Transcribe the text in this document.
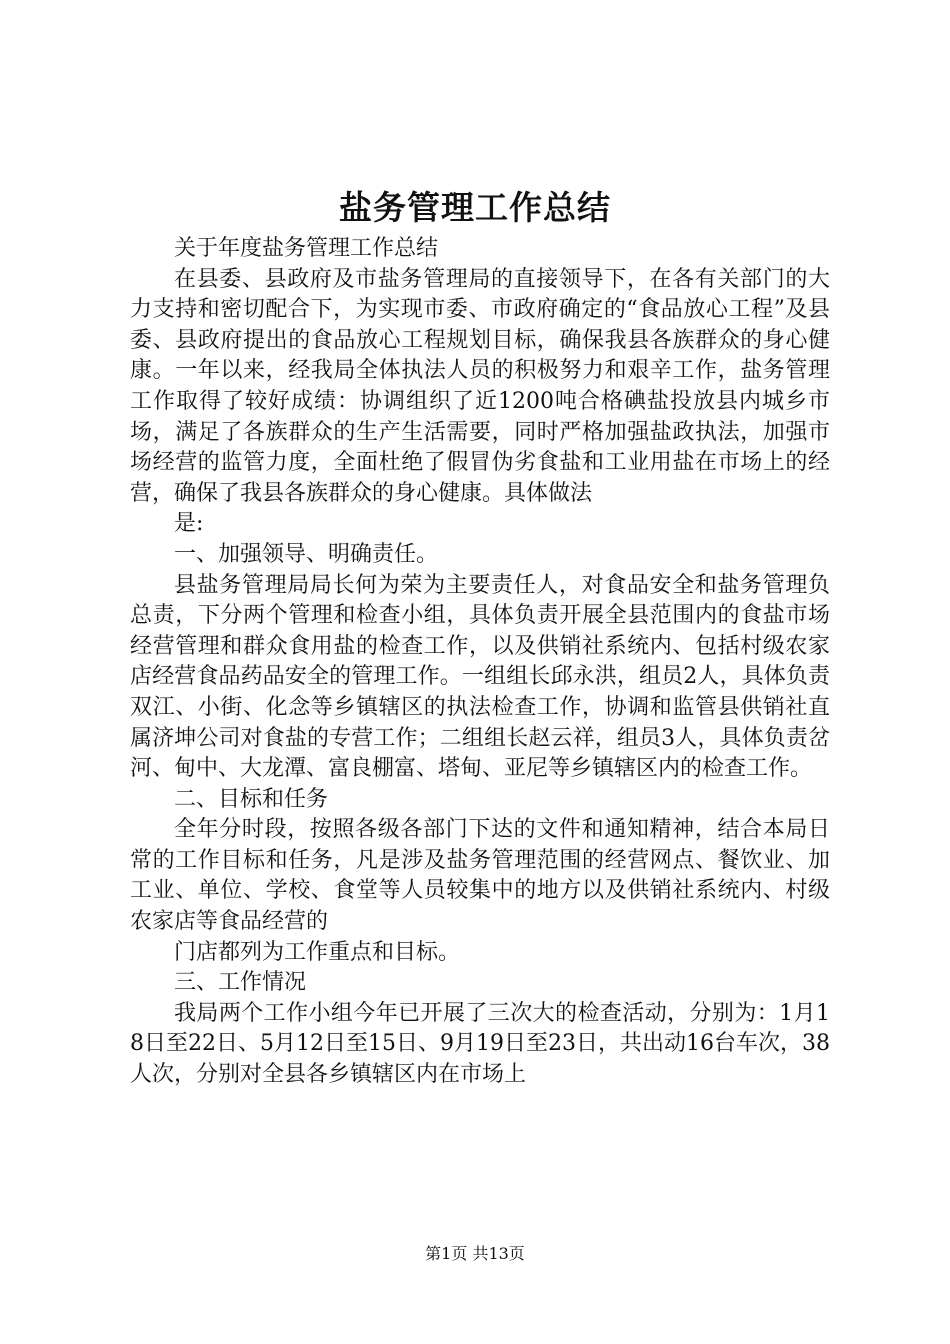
盐务管理工作总结

关于年度盐务管理工作总结

在县委、县政府及市盐务管理局的直接领导下，在各有关部门的大力支持和密切配合下，为实现市委、市政府确定的“食品放心工程”及县委、县政府提出的食品放心工程规划目标，确保我县各族群众的身心健康。一年以来，经我局全体执法人员的积极努力和艰辛工作，盐务管理工作取得了较好成绩：协调组织了近1200吨合格碘盐投放县内城乡市场，满足了各族群众的生产生活需要，同时严格加强盐政执法，加强市场经营的监管力度，全面杜绝了假冒伪劣食盐和工业用盐在市场上的经营，确保了我县各族群众的身心健康。具体做法

是:

一、加强领导、明确责任。

县盐务管理局局长何为荣为主要责任人，对食品安全和盐务管理负总责，下分两个管理和检查小组，具体负责开展全县范围内的食盐市场经营管理和群众食用盐的检查工作，以及供销社系统内、包括村级农家店经营食品药品安全的管理工作。一组组长邱永洪，组员2人，具体负责双江、小街、化念等乡镇辖区的执法检查工作，协调和监管县供销社直属济坤公司对食盐的专营工作；二组组长赵云祥，组员3人，具体负责岔河、甸中、大龙潭、富良棚富、塔甸、亚尼等乡镇辖区内的检查工作。

二、目标和任务

全年分时段，按照各级各部门下达的文件和通知精神，结合本局日常的工作目标和任务，凡是涉及盐务管理范围的经营网点、餐饮业、加工业、单位、学校、食堂等人员较集中的地方以及供销社系统内、村级农家店等食品经营的

门店都列为工作重点和目标。

三、工作情况

我局两个工作小组今年已开展了三次大的检查活动，分别为：1月18日至22日、5月12日至15日、9月19日至23日，共出动16台车次，38人次，分别对全县各乡镇辖区内在市场上

第1页 共13页
